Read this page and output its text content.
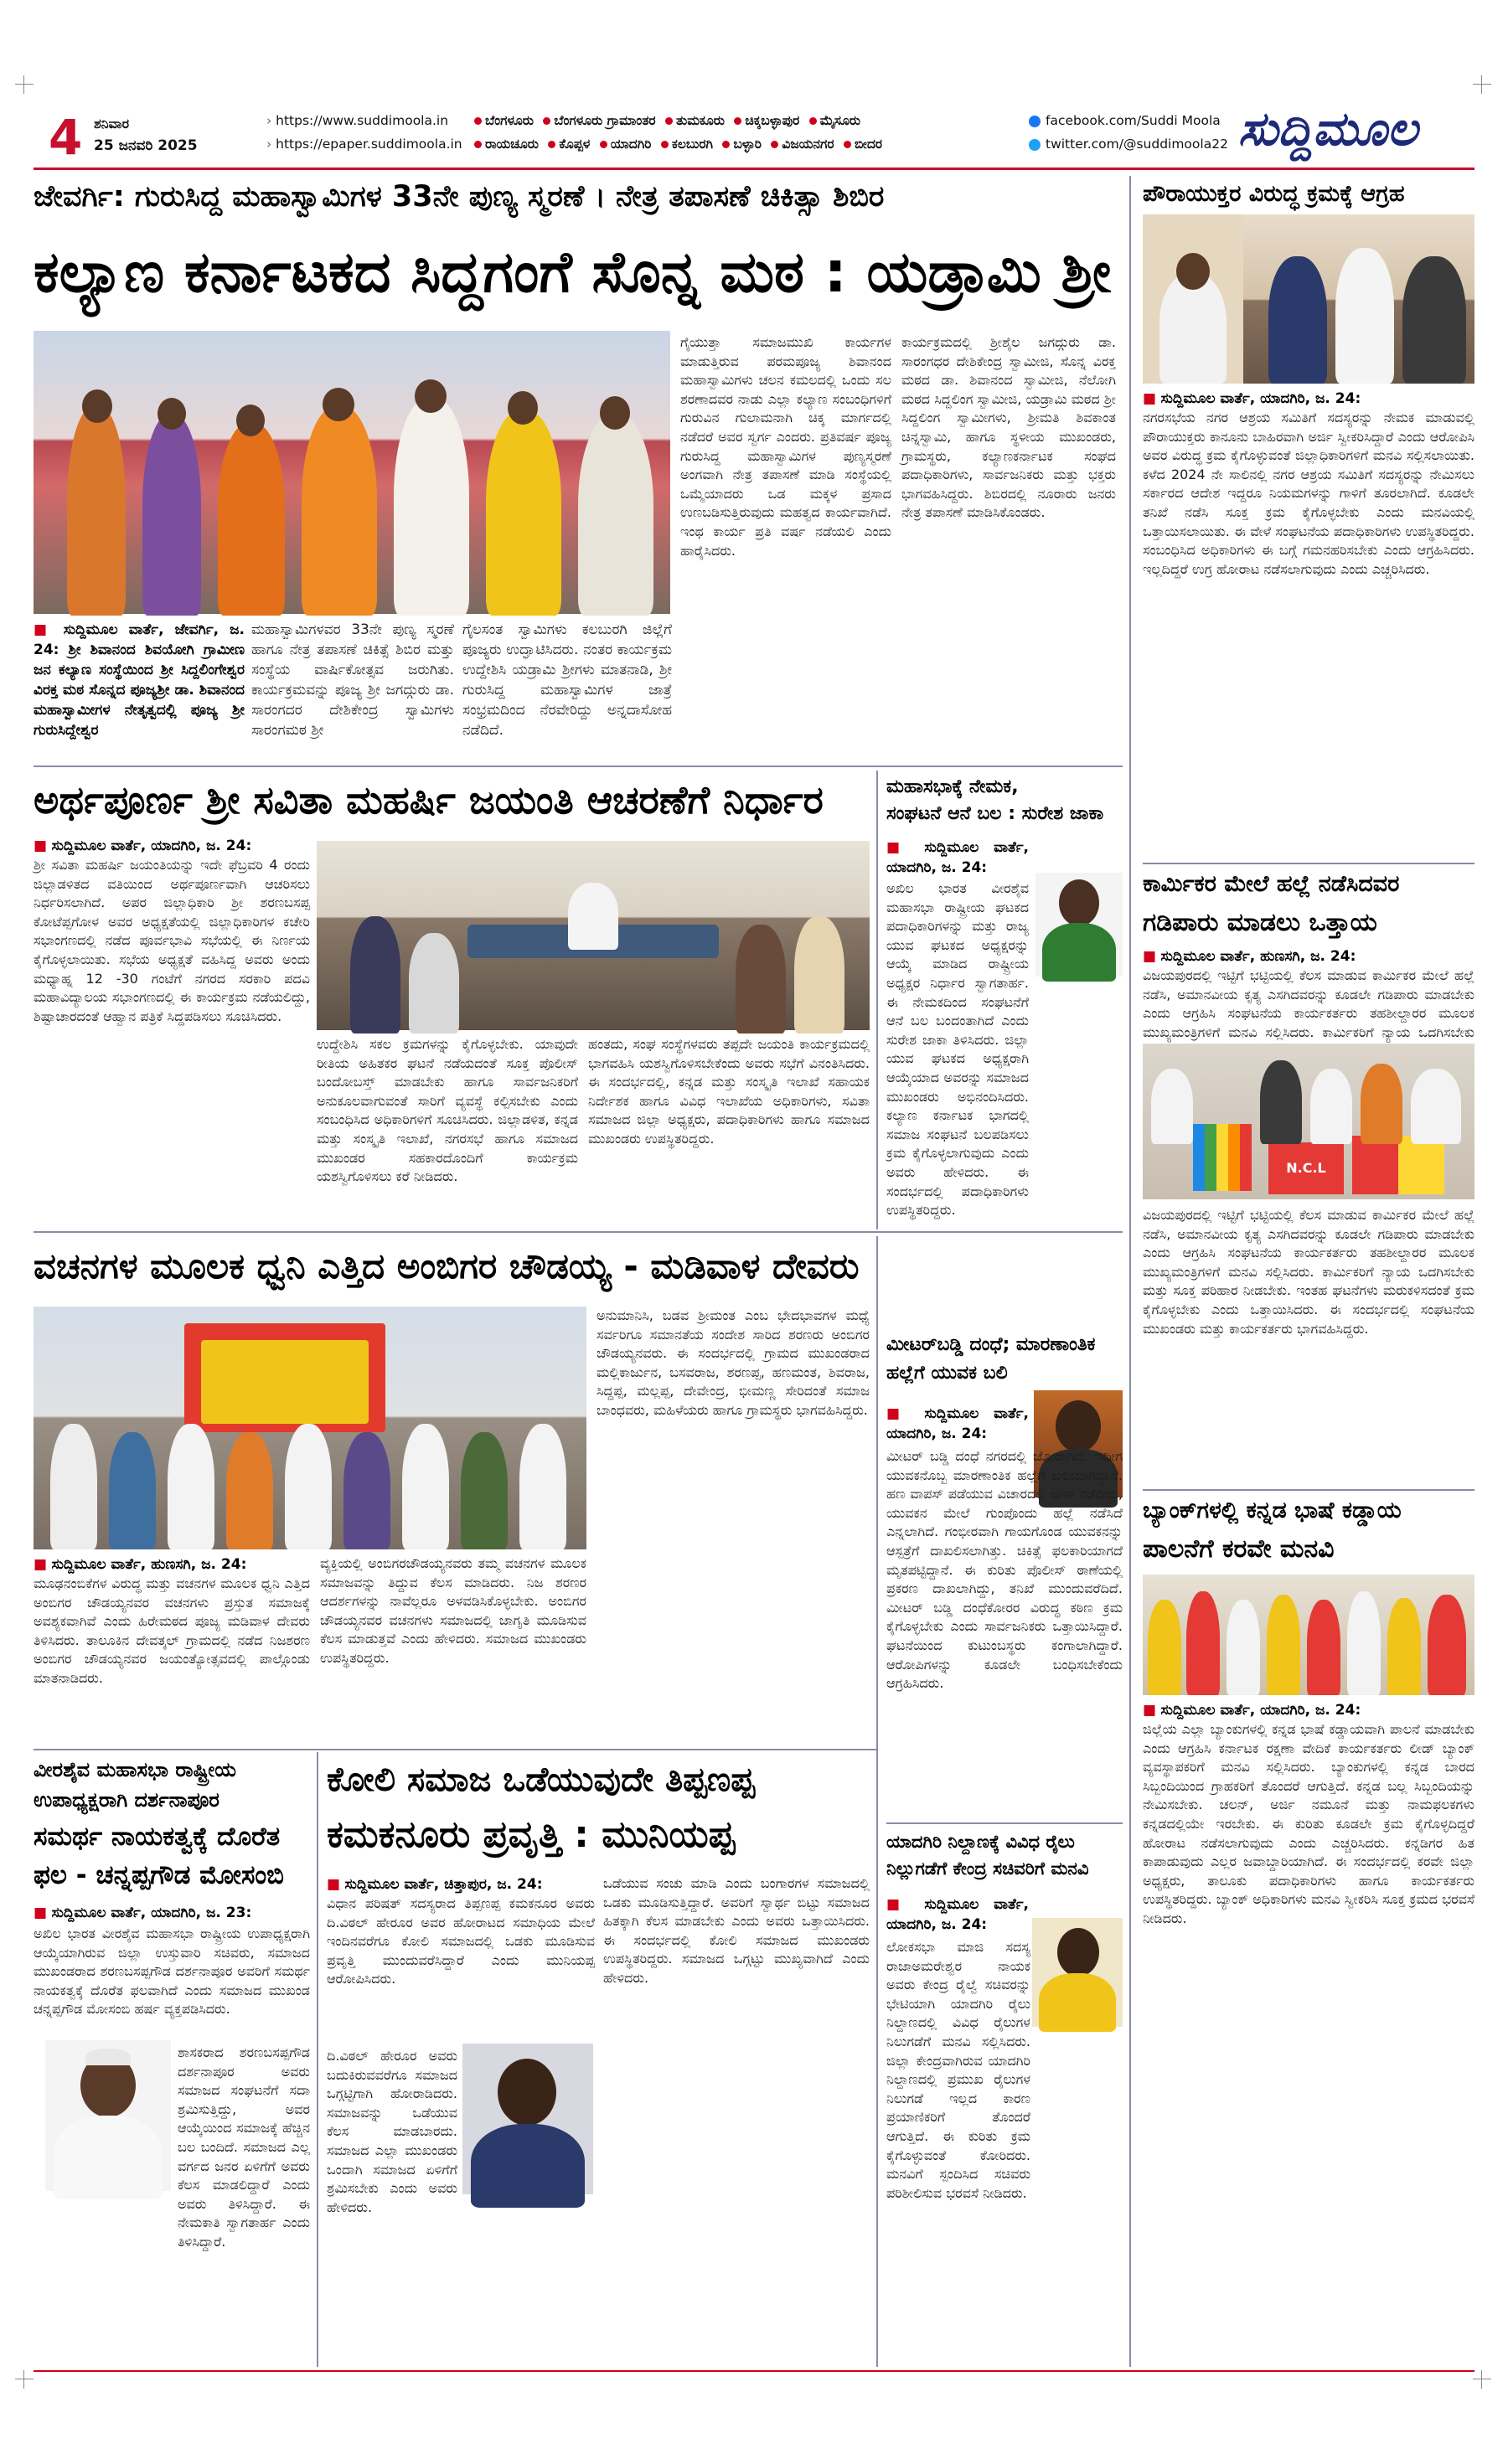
4 ಶನಿವಾರ
25 ಜನವರಿ 2025
› https://www.suddimoola.in
› https://epaper.suddimoola.in
ಬೆಂಗಳೂರು ಬೆಂಗಳೂರು ಗ್ರಾಮಾಂತರ ತುಮಕೂರು ಚಿಕ್ಕಬಳ್ಳಾಪುರ ಮೈಸೂರು
ರಾಯಚೂರು ಕೊಪ್ಪಳ ಯಾದಗಿರಿ ಕಲಬುರಗಿ ಬಳ್ಳಾರಿ ವಿಜಯನಗರ ಬೀದರ
facebook.com/Suddi Moola
twitter.com/@suddimoola22 ಸುದ್ದಿಮೂಲ
ಜೇವರ್ಗಿ: ಗುರುಸಿದ್ದ ಮಹಾಸ್ವಾಮಿಗಳ 33ನೇ ಪುಣ್ಯ ಸ್ಮರಣೆ । ನೇತ್ರ ತಪಾಸಣೆ ಚಿಕಿತ್ಸಾ ಶಿಬಿರ
ಕಲ್ಯಾಣ ಕರ್ನಾಟಕದ ಸಿದ್ದಗಂಗೆ ಸೊನ್ನ ಮಠ : ಯಡ್ರಾಮಿ ಶ್ರೀ
■ ಸುದ್ದಿಮೂಲ ವಾರ್ತೆ, ಜೇವರ್ಗಿ, ಜ. 24: ಶ್ರೀ ಶಿವಾನಂದ ಶಿವಯೋಗಿ ಗ್ರಾಮೀಣ ಜನ ಕಲ್ಯಾಣ ಸಂಸ್ಥೆಯಿಂದ ಶ್ರೀ ಸಿದ್ದಲಿಂಗೇಶ್ವರ ವಿರಕ್ತ ಮಠ ಸೊನ್ನದ ಪೂಜ್ಯಶ್ರೀ ಡಾ. ಶಿವಾನಂದ ಮಹಾಸ್ವಾಮೀಗಳ ನೇತೃತ್ವದಲ್ಲಿ ಪೂಜ್ಯ ಶ್ರೀ ಗುರುಸಿದ್ದೇಶ್ವರ
ಮಹಾಸ್ವಾಮಿಗಳವರ 33ನೇ ಪುಣ್ಯ ಸ್ಮರಣೆ ಹಾಗೂ ನೇತ್ರ ತಪಾಸಣೆ ಚಿಕಿತ್ಸೆ ಶಿಬಿರ ಮತ್ತು ಸಂಸ್ಥೆಯ ವಾರ್ಷಿಕೋತ್ಸವ ಜರುಗಿತು. ಕಾರ್ಯಕ್ರಮವನ್ನು ಪೂಜ್ಯ ಶ್ರೀ ಜಗದ್ಗುರು ಡಾ. ಸಾರಂಗದರ ದೇಶಿಕೇಂದ್ರ ಸ್ವಾಮಿಗಳು ಸಾರಂಗಮಠ ಶ್ರೀ
ಗೈಲಸಂತ ಸ್ವಾಮಿಗಳು ಕಲಬುರಗಿ ಜಿಲ್ಲೆಗೆ ಪೂಜ್ಯರು ಉದ್ಘಾಟಿಸಿದರು. ನಂತರ ಕಾರ್ಯಕ್ರಮ ಉದ್ದೇಶಿಸಿ ಯಡ್ರಾಮಿ ಶ್ರೀಗಳು ಮಾತನಾಡಿ, ಶ್ರೀ ಗುರುಸಿದ್ದ ಮಹಾಸ್ವಾಮಿಗಳ ಜಾತ್ರೆ ಸಂಭ್ರಮದಿಂದ ನೆರವೇರಿದ್ದು ಅನ್ನದಾಸೋಹ ನಡೆದಿದೆ.
ಗೈಯುತ್ತಾ ಸಮಾಜಮುಖಿ ಕಾರ್ಯಗಳ ಮಾಡುತ್ತಿರುವ ಪರಮಪೂಜ್ಯ ಶಿವಾನಂದ ಮಹಾಸ್ವಾಮಿಗಳು ಚಲನ ಕಮಲದಲ್ಲಿ ಒಂದು ಸಲ ಶರಣಾದವರ ನಾಡು ಎಲ್ಲಾ ಕಲ್ಯಾಣ ಸಂಬಂಧಿಗಳಿಗೆ ಗುರುವಿನ ಗುಲಾಮನಾಗಿ ಚಿಕ್ಕ ಮಾರ್ಗದಲ್ಲಿ ನಡೆದರೆ ಅವರ ಸ್ವರ್ಗ ಎಂದರು. ಪ್ರತಿವರ್ಷ ಪೂಜ್ಯ ಗುರುಸಿದ್ದ ಮಹಾಸ್ವಾಮಿಗಳ ಪುಣ್ಯಸ್ಮರಣೆ ಅಂಗವಾಗಿ ನೇತ್ರ ತಪಾಸಣೆ ಮಾಡಿ ಸಂಸ್ಥೆಯಲ್ಲಿ ಒಮ್ಮೆಯಾದರು ಒಡ ಮಕ್ಕಳ ಪ್ರಸಾದ ಉಣಬಡಿಸುತ್ತಿರುವುದು ಮಹತ್ವದ ಕಾರ್ಯವಾಗಿದೆ. ಇಂಥ ಕಾರ್ಯ ಪ್ರತಿ ವರ್ಷ ನಡೆಯಲಿ ಎಂದು ಹಾರೈಸಿದರು.
ಕಾರ್ಯಕ್ರಮದಲ್ಲಿ ಶ್ರೀಶೈಲ ಜಗದ್ಗುರು ಡಾ. ಸಾರಂಗಧರ ದೇಶಿಕೇಂದ್ರ ಸ್ವಾಮೀಜಿ, ಸೊನ್ನ ವಿರಕ್ತ ಮಠದ ಡಾ. ಶಿವಾನಂದ ಸ್ವಾಮೀಜಿ, ನೆಲೋಗಿ ಮಠದ ಸಿದ್ದಲಿಂಗ ಸ್ವಾಮೀಜಿ, ಯಡ್ರಾಮಿ ಮಠದ ಶ್ರೀ ಸಿದ್ದಲಿಂಗ ಸ್ವಾಮೀಗಳು, ಶ್ರೀಮತಿ ಶಿವಕಾಂತ ಚಿನ್ನಸ್ವಾಮಿ, ಹಾಗೂ ಸ್ಥಳೀಯ ಮುಖಂಡರು, ಗ್ರಾಮಸ್ಥರು, ಕಲ್ಯಾಣಕರ್ನಾಟಕ ಸಂಘದ ಪದಾಧಿಕಾರಿಗಳು, ಸಾರ್ವಜನಿಕರು ಮತ್ತು ಭಕ್ತರು ಭಾಗವಹಿಸಿದ್ದರು. ಶಿಬಿರದಲ್ಲಿ ನೂರಾರು ಜನರು ನೇತ್ರ ತಪಾಸಣೆ ಮಾಡಿಸಿಕೊಂಡರು.
ಅರ್ಥಪೂರ್ಣ ಶ್ರೀ ಸವಿತಾ ಮಹರ್ಷಿ ಜಯಂತಿ ಆಚರಣೆಗೆ ನಿರ್ಧಾರ
■ ಸುದ್ದಿಮೂಲ ವಾರ್ತೆ, ಯಾದಗಿರಿ, ಜ. 24:
ಶ್ರೀ ಸವಿತಾ ಮಹರ್ಷಿ ಜಯಂತಿಯನ್ನು ಇದೇ ಫೆಬ್ರವರಿ 4 ರಂದು ಜಿಲ್ಲಾಡಳಿತದ ವತಿಯಿಂದ ಅರ್ಥಪೂರ್ಣವಾಗಿ ಆಚರಿಸಲು ನಿರ್ಧರಿಸಲಾಗಿದೆ. ಅಪರ ಜಿಲ್ಲಾಧಿಕಾರಿ ಶ್ರೀ ಶರಣಬಸಪ್ಪ ಕೋಟೆಪ್ಪಗೋಳ ಅವರ ಅಧ್ಯಕ್ಷತೆಯಲ್ಲಿ ಜಿಲ್ಲಾಧಿಕಾರಿಗಳ ಕಚೇರಿ ಸಭಾಂಗಣದಲ್ಲಿ ನಡೆದ ಪೂರ್ವಭಾವಿ ಸಭೆಯಲ್ಲಿ ಈ ನಿರ್ಣಯ ಕೈಗೊಳ್ಳಲಾಯಿತು. ಸಭೆಯ ಅಧ್ಯಕ್ಷತೆ ವಹಿಸಿದ್ದ ಅವರು ಅಂದು ಮಧ್ಯಾಹ್ನ 12 -30 ಗಂಟೆಗೆ ನಗರದ ಸರಕಾರಿ ಪದವಿ ಮಹಾವಿದ್ಯಾಲಯ ಸಭಾಂಗಣದಲ್ಲಿ ಈ ಕಾರ್ಯಕ್ರಮ ನಡೆಯಲಿದ್ದು, ಶಿಷ್ಟಾಚಾರದಂತೆ ಆಹ್ವಾನ ಪತ್ರಿಕೆ ಸಿದ್ದಪಡಿಸಲು ಸೂಚಿಸಿದರು.
ಉದ್ದೇಶಿಸಿ ಸಕಲ ಕ್ರಮಗಳನ್ನು ಕೈಗೊಳ್ಳಬೇಕು. ಯಾವುದೇ ರೀತಿಯ ಅಹಿತಕರ ಘಟನೆ ನಡೆಯದಂತೆ ಸೂಕ್ತ ಪೊಲೀಸ್ ಬಂದೋಬಸ್ತ್ ಮಾಡಬೇಕು ಹಾಗೂ ಸಾರ್ವಜನಿಕರಿಗೆ ಅನುಕೂಲವಾಗುವಂತೆ ಸಾರಿಗೆ ವ್ಯವಸ್ಥೆ ಕಲ್ಪಿಸಬೇಕು ಎಂದು ಸಂಬಂಧಿಸಿದ ಅಧಿಕಾರಿಗಳಿಗೆ ಸೂಚಿಸಿದರು. ಜಿಲ್ಲಾಡಳಿತ, ಕನ್ನಡ ಮತ್ತು ಸಂಸ್ಕೃತಿ ಇಲಾಖೆ, ನಗರಸಭೆ ಹಾಗೂ ಸಮಾಜದ ಮುಖಂಡರ ಸಹಕಾರದೊಂದಿಗೆ ಕಾರ್ಯಕ್ರಮ ಯಶಸ್ವಿಗೊಳಿಸಲು ಕರೆ ನೀಡಿದರು.
ಹಂತದು, ಸಂಘ ಸಂಸ್ಥೆಗಳವರು ತಪ್ಪದೇ ಜಯಂತಿ ಕಾರ್ಯಕ್ರಮದಲ್ಲಿ ಭಾಗವಹಿಸಿ ಯಶಸ್ವಿಗೊಳಿಸಬೇಕೆಂದು ಅವರು ಸಭೆಗೆ ವಿನಂತಿಸಿದರು. ಈ ಸಂದರ್ಭದಲ್ಲಿ, ಕನ್ನಡ ಮತ್ತು ಸಂಸ್ಕೃತಿ ಇಲಾಖೆ ಸಹಾಯಕ ನಿರ್ದೇಶಕ ಹಾಗೂ ವಿವಿಧ ಇಲಾಖೆಯ ಅಧಿಕಾರಿಗಳು, ಸವಿತಾ ಸಮಾಜದ ಜಿಲ್ಲಾ ಅಧ್ಯಕ್ಷರು, ಪದಾಧಿಕಾರಿಗಳು ಹಾಗೂ ಸಮಾಜದ ಮುಖಂಡರು ಉಪಸ್ಥಿತರಿದ್ದರು.
ಮಹಾಸಭಾಕ್ಕೆ ನೇಮಕ,
ಸಂಘಟನೆ ಆನೆ ಬಲ : ಸುರೇಶ ಜಾಕಾ
■ ಸುದ್ದಿಮೂಲ ವಾರ್ತೆ, ಯಾದಗಿರಿ, ಜ. 24:
ಅಖಿಲ ಭಾರತ ವೀರಶೈವ ಮಹಾಸಭಾ ರಾಷ್ಟ್ರೀಯ ಘಟಕದ ಪದಾಧಿಕಾರಿಗಳನ್ನು ಮತ್ತು ರಾಜ್ಯ ಯುವ ಘಟಕದ ಅಧ್ಯಕ್ಷರನ್ನು ಆಯ್ಕೆ ಮಾಡಿದ ರಾಷ್ಟ್ರೀಯ ಅಧ್ಯಕ್ಷರ ನಿರ್ಧಾರ ಸ್ವಾಗತಾರ್ಹ. ಈ ನೇಮಕದಿಂದ ಸಂಘಟನೆಗೆ ಆನೆ ಬಲ ಬಂದಂತಾಗಿದೆ ಎಂದು ಸುರೇಶ ಜಾಕಾ ತಿಳಿಸಿದರು. ಜಿಲ್ಲಾ ಯುವ ಘಟಕದ ಅಧ್ಯಕ್ಷರಾಗಿ ಆಯ್ಕೆಯಾದ ಅವರನ್ನು ಸಮಾಜದ ಮುಖಂಡರು ಅಭಿನಂದಿಸಿದರು. ಕಲ್ಯಾಣ ಕರ್ನಾಟಕ ಭಾಗದಲ್ಲಿ ಸಮಾಜ ಸಂಘಟನೆ ಬಲಪಡಿಸಲು ಕ್ರಮ ಕೈಗೊಳ್ಳಲಾಗುವುದು ಎಂದು ಅವರು ಹೇಳಿದರು. ಈ ಸಂದರ್ಭದಲ್ಲಿ ಪದಾಧಿಕಾರಿಗಳು ಉಪಸ್ಥಿತರಿದ್ದರು.
ವಚನಗಳ ಮೂಲಕ ಧ್ವನಿ ಎತ್ತಿದ ಅಂಬಿಗರ ಚೌಡಯ್ಯ - ಮಡಿವಾಳ ದೇವರು
■ ಸುದ್ದಿಮೂಲ ವಾರ್ತೆ, ಹುಣಸಗಿ, ಜ. 24:
ಮೂಢನಂಬಿಕೆಗಳ ವಿರುದ್ಧ ಮತ್ತು ವಚನಗಳ ಮೂಲಕ ಧ್ವನಿ ಎತ್ತಿದ ಅಂಬಿಗರ ಚೌಡಯ್ಯನವರ ವಚನಗಳು ಪ್ರಸ್ತುತ ಸಮಾಜಕ್ಕೆ ಅವಶ್ಯಕವಾಗಿವೆ ಎಂದು ಹಿರೇಮಠದ ಪೂಜ್ಯ ಮಡಿವಾಳ ದೇವರು ತಿಳಿಸಿದರು. ತಾಲೂಕಿನ ದೇವತ್ಕಲ್ ಗ್ರಾಮದಲ್ಲಿ ನಡೆದ ನಿಜಶರಣ ಅಂಬಿಗರ ಚೌಡಯ್ಯನವರ ಜಯಂತ್ಯೋತ್ಸವದಲ್ಲಿ ಪಾಲ್ಗೊಂಡು ಮಾತನಾಡಿದರು.
ವ್ಯಕ್ತಿಯಲ್ಲಿ ಅಂಬಿಗರಚೌಡಯ್ಯನವರು ತಮ್ಮ ವಚನಗಳ ಮೂಲಕ ಸಮಾಜವನ್ನು ತಿದ್ದುವ ಕೆಲಸ ಮಾಡಿದರು. ನಿಜ ಶರಣರ ಆದರ್ಶಗಳನ್ನು ನಾವೆಲ್ಲರೂ ಅಳವಡಿಸಿಕೊಳ್ಳಬೇಕು. ಅಂಬಿಗರ ಚೌಡಯ್ಯನವರ ವಚನಗಳು ಸಮಾಜದಲ್ಲಿ ಜಾಗೃತಿ ಮೂಡಿಸುವ ಕೆಲಸ ಮಾಡುತ್ತವೆ ಎಂದು ಹೇಳಿದರು. ಸಮಾಜದ ಮುಖಂಡರು ಉಪಸ್ಥಿತರಿದ್ದರು.
ಅನುಮಾನಿಸಿ, ಬಡವ ಶ್ರೀಮಂತ ಎಂಬ ಭೇದಭಾವಗಳ ಮಧ್ಯೆ ಸರ್ವರಿಗೂ ಸಮಾನತೆಯ ಸಂದೇಶ ಸಾರಿದ ಶರಣರು ಅಂಬಿಗರ ಚೌಡಯ್ಯನವರು. ಈ ಸಂದರ್ಭದಲ್ಲಿ ಗ್ರಾಮದ ಮುಖಂಡರಾದ ಮಲ್ಲಿಕಾರ್ಜುನ, ಬಸವರಾಜ, ಶರಣಪ್ಪ, ಹಣಮಂತ, ಶಿವರಾಜ, ಸಿದ್ದಪ್ಪ, ಮಲ್ಲಪ್ಪ, ದೇವೇಂದ್ರ, ಭೀಮಣ್ಣ ಸೇರಿದಂತೆ ಸಮಾಜ ಬಾಂಧವರು, ಮಹಿಳೆಯರು ಹಾಗೂ ಗ್ರಾಮಸ್ಥರು ಭಾಗವಹಿಸಿದ್ದರು.
ಮೀಟರ್‌ಬಡ್ಡಿ ದಂಧೆ; ಮಾರಣಾಂತಿಕ
ಹಲ್ಲೆಗೆ ಯುವಕ ಬಲಿ
■ ಸುದ್ದಿಮೂಲ ವಾರ್ತೆ, ಯಾದಗಿರಿ, ಜ. 24:
ಮೀಟರ್ ಬಡ್ಡಿ ದಂಧೆ ನಗರದಲ್ಲಿ ಜೋರಾಗಿದೆ. ಇದೀಗ ಯುವಕನೊಬ್ಬ ಮಾರಣಾಂತಿಕ ಹಲ್ಲೆಗೆ ಬಲಿಯಾಗಿದ್ದಾನೆ. ಹಣ ವಾಪಸ್ ಪಡೆಯುವ ವಿಚಾರದಲ್ಲಿ ಜಗಳ ನಡೆದಿದ್ದು, ಯುವಕನ ಮೇಲೆ ಗುಂಪೊಂದು ಹಲ್ಲೆ ನಡೆಸಿದೆ ಎನ್ನಲಾಗಿದೆ. ಗಂಭೀರವಾಗಿ ಗಾಯಗೊಂಡ ಯುವಕನನ್ನು ಆಸ್ಪತ್ರೆಗೆ ದಾಖಲಿಸಲಾಗಿತ್ತು. ಚಿಕಿತ್ಸೆ ಫಲಕಾರಿಯಾಗದೆ ಮೃತಪಟ್ಟಿದ್ದಾನೆ. ಈ ಕುರಿತು ಪೊಲೀಸ್ ಠಾಣೆಯಲ್ಲಿ ಪ್ರಕರಣ ದಾಖಲಾಗಿದ್ದು, ತನಿಖೆ ಮುಂದುವರೆದಿದೆ. ಮೀಟರ್ ಬಡ್ಡಿ ದಂಧೆಕೋರರ ವಿರುದ್ಧ ಕಠಿಣ ಕ್ರಮ ಕೈಗೊಳ್ಳಬೇಕು ಎಂದು ಸಾರ್ವಜನಿಕರು ಒತ್ತಾಯಿಸಿದ್ದಾರೆ. ಘಟನೆಯಿಂದ ಕುಟುಂಬಸ್ಥರು ಕಂಗಾಲಾಗಿದ್ದಾರೆ. ಆರೋಪಿಗಳನ್ನು ಕೂಡಲೇ ಬಂಧಿಸಬೇಕೆಂದು ಆಗ್ರಹಿಸಿದರು.
ಯಾದಗಿರಿ ನಿಲ್ದಾಣಕ್ಕೆ ವಿವಿಧ ರೈಲು
ನಿಲ್ಲುಗಡೆಗೆ ಕೇಂದ್ರ ಸಚಿವರಿಗೆ ಮನವಿ
■ ಸುದ್ದಿಮೂಲ ವಾರ್ತೆ, ಯಾದಗಿರಿ, ಜ. 24:
ಲೋಕಸಭಾ ಮಾಜಿ ಸದಸ್ಯ ರಾಜಾಅಮರೇಶ್ವರ ನಾಯಕ ಅವರು ಕೇಂದ್ರ ರೈಲ್ವೆ ಸಚಿವರನ್ನು ಭೇಟಿಯಾಗಿ ಯಾದಗಿರಿ ರೈಲು ನಿಲ್ದಾಣದಲ್ಲಿ ವಿವಿಧ ರೈಲುಗಳ ನಿಲುಗಡೆಗೆ ಮನವಿ ಸಲ್ಲಿಸಿದರು. ಜಿಲ್ಲಾ ಕೇಂದ್ರವಾಗಿರುವ ಯಾದಗಿರಿ ನಿಲ್ದಾಣದಲ್ಲಿ ಪ್ರಮುಖ ರೈಲುಗಳ ನಿಲುಗಡೆ ಇಲ್ಲದ ಕಾರಣ ಪ್ರಯಾಣಿಕರಿಗೆ ತೊಂದರೆ ಆಗುತ್ತಿದೆ. ಈ ಕುರಿತು ಕ್ರಮ ಕೈಗೊಳ್ಳುವಂತೆ ಕೋರಿದರು. ಮನವಿಗೆ ಸ್ಪಂದಿಸಿದ ಸಚಿವರು ಪರಿಶೀಲಿಸುವ ಭರವಸೆ ನೀಡಿದರು.
ವೀರಶೈವ ಮಹಾಸಭಾ ರಾಷ್ಟ್ರೀಯ
ಉಪಾಧ್ಯಕ್ಷರಾಗಿ ದರ್ಶನಾಪೂರ
ಸಮರ್ಥ ನಾಯಕತ್ವಕ್ಕೆ ದೊರೆತ
ಫಲ - ಚನ್ನಪ್ಪಗೌಡ ಮೋಸಂಬಿ
■ ಸುದ್ದಿಮೂಲ ವಾರ್ತೆ, ಯಾದಗಿರಿ, ಜ. 23:
ಅಖಿಲ ಭಾರತ ವೀರಶೈವ ಮಹಾಸಭಾ ರಾಷ್ಟ್ರೀಯ ಉಪಾಧ್ಯಕ್ಷರಾಗಿ ಆಯ್ಕೆಯಾಗಿರುವ ಜಿಲ್ಲಾ ಉಸ್ತುವಾರಿ ಸಚಿವರು, ಸಮಾಜದ ಮುಖಂಡರಾದ ಶರಣಬಸಪ್ಪಗೌಡ ದರ್ಶನಾಪೂರ ಅವರಿಗೆ ಸಮರ್ಥ ನಾಯಕತ್ವಕ್ಕೆ ದೊರೆತ ಫಲವಾಗಿದೆ ಎಂದು ಸಮಾಜದ ಮುಖಂಡ ಚನ್ನಪ್ಪಗೌಡ ಮೋಸಂಬಿ ಹರ್ಷ ವ್ಯಕ್ತಪಡಿಸಿದರು.
ಶಾಸಕರಾದ ಶರಣಬಸಪ್ಪಗೌಡ ದರ್ಶನಾಪೂರ ಅವರು ಸಮಾಜದ ಸಂಘಟನೆಗೆ ಸದಾ ಶ್ರಮಿಸುತ್ತಿದ್ದು, ಅವರ ಆಯ್ಕೆಯಿಂದ ಸಮಾಜಕ್ಕೆ ಹೆಚ್ಚಿನ ಬಲ ಬಂದಿದೆ. ಸಮಾಜದ ಎಲ್ಲ ವರ್ಗದ ಜನರ ಏಳಿಗೆಗೆ ಅವರು ಕೆಲಸ ಮಾಡಲಿದ್ದಾರೆ ಎಂದು ಅವರು ತಿಳಿಸಿದ್ದಾರೆ. ಈ ನೇಮಕಾತಿ ಸ್ವಾಗತಾರ್ಹ ಎಂದು ತಿಳಿಸಿದ್ದಾರೆ.
ಕೋಲಿ ಸಮಾಜ ಒಡೆಯುವುದೇ ತಿಪ್ಪಣಪ್ಪ
ಕಮಕನೂರು ಪ್ರವೃತ್ತಿ : ಮುನಿಯಪ್ಪ
■ ಸುದ್ದಿಮೂಲ ವಾರ್ತೆ, ಚಿತ್ತಾಪುರ, ಜ. 24:
ವಿಧಾನ ಪರಿಷತ್ ಸದಸ್ಯರಾದ ತಿಪ್ಪಣಪ್ಪ ಕಮಕನೂರ ಅವರು ದಿ.ವಿಠಲ್ ಹೇರೂರ ಅವರ ಹೋರಾಟದ ಸಮಾಧಿಯ ಮೇಲೆ ಇಂದಿನವರೆಗೂ ಕೋಲಿ ಸಮಾಜದಲ್ಲಿ ಒಡಕು ಮೂಡಿಸುವ ಪ್ರವೃತ್ತಿ ಮುಂದುವರೆಸಿದ್ದಾರೆ ಎಂದು ಮುನಿಯಪ್ಪ ಆರೋಪಿಸಿದರು.
ದಿ.ವಿಠಲ್ ಹೇರೂರ ಅವರು ಬದುಕಿರುವವರೆಗೂ ಸಮಾಜದ ಒಗ್ಗಟ್ಟಿಗಾಗಿ ಹೋರಾಡಿದರು. ಸಮಾಜವನ್ನು ಒಡೆಯುವ ಕೆಲಸ ಮಾಡಬಾರದು. ಸಮಾಜದ ಎಲ್ಲಾ ಮುಖಂಡರು ಒಂದಾಗಿ ಸಮಾಜದ ಏಳಿಗೆಗೆ ಶ್ರಮಿಸಬೇಕು ಎಂದು ಅವರು ಹೇಳಿದರು.
ಒಡೆಯುವ ಸಂಚು ಮಾಡಿ ಎಂದು ಬಂಗಾರಗಳ ಸಮಾಜದಲ್ಲಿ ಒಡಕು ಮೂಡಿಸುತ್ತಿದ್ದಾರೆ. ಅವರಿಗೆ ಸ್ವಾರ್ಥ ಬಿಟ್ಟು ಸಮಾಜದ ಹಿತಕ್ಕಾಗಿ ಕೆಲಸ ಮಾಡಬೇಕು ಎಂದು ಅವರು ಒತ್ತಾಯಿಸಿದರು. ಈ ಸಂದರ್ಭದಲ್ಲಿ ಕೋಲಿ ಸಮಾಜದ ಮುಖಂಡರು ಉಪಸ್ಥಿತರಿದ್ದರು. ಸಮಾಜದ ಒಗ್ಗಟ್ಟು ಮುಖ್ಯವಾಗಿದೆ ಎಂದು ಹೇಳಿದರು.
ಪೌರಾಯುಕ್ತರ ವಿರುದ್ಧ ಕ್ರಮಕ್ಕೆ ಆಗ್ರಹ
■ ಸುದ್ದಿಮೂಲ ವಾರ್ತೆ, ಯಾದಗಿರಿ, ಜ. 24:
ನಗರಸಭೆಯ ನಗರ ಆಶ್ರಯ ಸಮಿತಿಗೆ ಸದಸ್ಯರನ್ನು ನೇಮಕ ಮಾಡುವಲ್ಲಿ ಪೌರಾಯುಕ್ತರು ಕಾನೂನು ಬಾಹಿರವಾಗಿ ಅರ್ಜಿ ಸ್ವೀಕರಿಸಿದ್ದಾರೆ ಎಂದು ಆರೋಪಿಸಿ ಅವರ ವಿರುದ್ಧ ಕ್ರಮ ಕೈಗೊಳ್ಳುವಂತೆ ಜಿಲ್ಲಾಧಿಕಾರಿಗಳಿಗೆ ಮನವಿ ಸಲ್ಲಿಸಲಾಯಿತು. ಕಳೆದ 2024 ನೇ ಸಾಲಿನಲ್ಲಿ ನಗರ ಆಶ್ರಯ ಸಮಿತಿಗೆ ಸದಸ್ಯರನ್ನು ನೇಮಿಸಲು ಸರ್ಕಾರದ ಆದೇಶ ಇದ್ದರೂ ನಿಯಮಗಳನ್ನು ಗಾಳಿಗೆ ತೂರಲಾಗಿದೆ. ಕೂಡಲೇ ತನಿಖೆ ನಡೆಸಿ ಸೂಕ್ತ ಕ್ರಮ ಕೈಗೊಳ್ಳಬೇಕು ಎಂದು ಮನವಿಯಲ್ಲಿ ಒತ್ತಾಯಿಸಲಾಯಿತು. ಈ ವೇಳೆ ಸಂಘಟನೆಯ ಪದಾಧಿಕಾರಿಗಳು ಉಪಸ್ಥಿತರಿದ್ದರು. ಸಂಬಂಧಿಸಿದ ಅಧಿಕಾರಿಗಳು ಈ ಬಗ್ಗೆ ಗಮನಹರಿಸಬೇಕು ಎಂದು ಆಗ್ರಹಿಸಿದರು. ಇಲ್ಲದಿದ್ದರೆ ಉಗ್ರ ಹೋರಾಟ ನಡೆಸಲಾಗುವುದು ಎಂದು ಎಚ್ಚರಿಸಿದರು.
ಕಾರ್ಮಿಕರ ಮೇಲೆ ಹಲ್ಲೆ ನಡೆಸಿದವರ
ಗಡಿಪಾರು ಮಾಡಲು ಒತ್ತಾಯ
■ ಸುದ್ದಿಮೂಲ ವಾರ್ತೆ, ಹುಣಸಗಿ, ಜ. 24:
ವಿಜಯಪುರದಲ್ಲಿ ಇಟ್ಟಿಗೆ ಭಟ್ಟಿಯಲ್ಲಿ ಕೆಲಸ ಮಾಡುವ ಕಾರ್ಮಿಕರ ಮೇಲೆ ಹಲ್ಲೆ ನಡೆಸಿ, ಅಮಾನವೀಯ ಕೃತ್ಯ ಎಸಗಿದವರನ್ನು ಕೂಡಲೇ ಗಡಿಪಾರು ಮಾಡಬೇಕು ಎಂದು ಆಗ್ರಹಿಸಿ ಸಂಘಟನೆಯ ಕಾರ್ಯಕರ್ತರು ತಹಶೀಲ್ದಾರರ ಮೂಲಕ ಮುಖ್ಯಮಂತ್ರಿಗಳಿಗೆ ಮನವಿ ಸಲ್ಲಿಸಿದರು. ಕಾರ್ಮಿಕರಿಗೆ ನ್ಯಾಯ ಒದಗಿಸಬೇಕು
N.C.L
ವಿಜಯಪುರದಲ್ಲಿ ಇಟ್ಟಿಗೆ ಭಟ್ಟಿಯಲ್ಲಿ ಕೆಲಸ ಮಾಡುವ ಕಾರ್ಮಿಕರ ಮೇಲೆ ಹಲ್ಲೆ ನಡೆಸಿ, ಅಮಾನವೀಯ ಕೃತ್ಯ ಎಸಗಿದವರನ್ನು ಕೂಡಲೇ ಗಡಿಪಾರು ಮಾಡಬೇಕು ಎಂದು ಆಗ್ರಹಿಸಿ ಸಂಘಟನೆಯ ಕಾರ್ಯಕರ್ತರು ತಹಶೀಲ್ದಾರರ ಮೂಲಕ ಮುಖ್ಯಮಂತ್ರಿಗಳಿಗೆ ಮನವಿ ಸಲ್ಲಿಸಿದರು. ಕಾರ್ಮಿಕರಿಗೆ ನ್ಯಾಯ ಒದಗಿಸಬೇಕು ಮತ್ತು ಸೂಕ್ತ ಪರಿಹಾರ ನೀಡಬೇಕು. ಇಂತಹ ಘಟನೆಗಳು ಮರುಕಳಿಸದಂತೆ ಕ್ರಮ ಕೈಗೊಳ್ಳಬೇಕು ಎಂದು ಒತ್ತಾಯಿಸಿದರು. ಈ ಸಂದರ್ಭದಲ್ಲಿ ಸಂಘಟನೆಯ ಮುಖಂಡರು ಮತ್ತು ಕಾರ್ಯಕರ್ತರು ಭಾಗವಹಿಸಿದ್ದರು.
ಬ್ಯಾಂಕ್‌ಗಳಲ್ಲಿ ಕನ್ನಡ ಭಾಷೆ ಕಡ್ಡಾಯ
ಪಾಲನೆಗೆ ಕರವೇ ಮನವಿ
■ ಸುದ್ದಿಮೂಲ ವಾರ್ತೆ, ಯಾದಗಿರಿ, ಜ. 24:
ಜಿಲ್ಲೆಯ ಎಲ್ಲಾ ಬ್ಯಾಂಕುಗಳಲ್ಲಿ ಕನ್ನಡ ಭಾಷೆ ಕಡ್ಡಾಯವಾಗಿ ಪಾಲನೆ ಮಾಡಬೇಕು ಎಂದು ಆಗ್ರಹಿಸಿ ಕರ್ನಾಟಕ ರಕ್ಷಣಾ ವೇದಿಕೆ ಕಾರ್ಯಕರ್ತರು ಲೀಡ್ ಬ್ಯಾಂಕ್ ವ್ಯವಸ್ಥಾಪಕರಿಗೆ ಮನವಿ ಸಲ್ಲಿಸಿದರು. ಬ್ಯಾಂಕುಗಳಲ್ಲಿ ಕನ್ನಡ ಬಾರದ ಸಿಬ್ಬಂದಿಯಿಂದ ಗ್ರಾಹಕರಿಗೆ ತೊಂದರೆ ಆಗುತ್ತಿದೆ. ಕನ್ನಡ ಬಲ್ಲ ಸಿಬ್ಬಂದಿಯನ್ನು ನೇಮಿಸಬೇಕು. ಚಲನ್, ಅರ್ಜಿ ನಮೂನೆ ಮತ್ತು ನಾಮಫಲಕಗಳು ಕನ್ನಡದಲ್ಲಿಯೇ ಇರಬೇಕು. ಈ ಕುರಿತು ಕೂಡಲೇ ಕ್ರಮ ಕೈಗೊಳ್ಳದಿದ್ದರೆ ಹೋರಾಟ ನಡೆಸಲಾಗುವುದು ಎಂದು ಎಚ್ಚರಿಸಿದರು. ಕನ್ನಡಿಗರ ಹಿತ ಕಾಪಾಡುವುದು ಎಲ್ಲರ ಜವಾಬ್ದಾರಿಯಾಗಿದೆ. ಈ ಸಂದರ್ಭದಲ್ಲಿ ಕರವೇ ಜಿಲ್ಲಾ ಅಧ್ಯಕ್ಷರು, ತಾಲೂಕು ಪದಾಧಿಕಾರಿಗಳು ಹಾಗೂ ಕಾರ್ಯಕರ್ತರು ಉಪಸ್ಥಿತರಿದ್ದರು. ಬ್ಯಾಂಕ್ ಅಧಿಕಾರಿಗಳು ಮನವಿ ಸ್ವೀಕರಿಸಿ ಸೂಕ್ತ ಕ್ರಮದ ಭರವಸೆ ನೀಡಿದರು.
